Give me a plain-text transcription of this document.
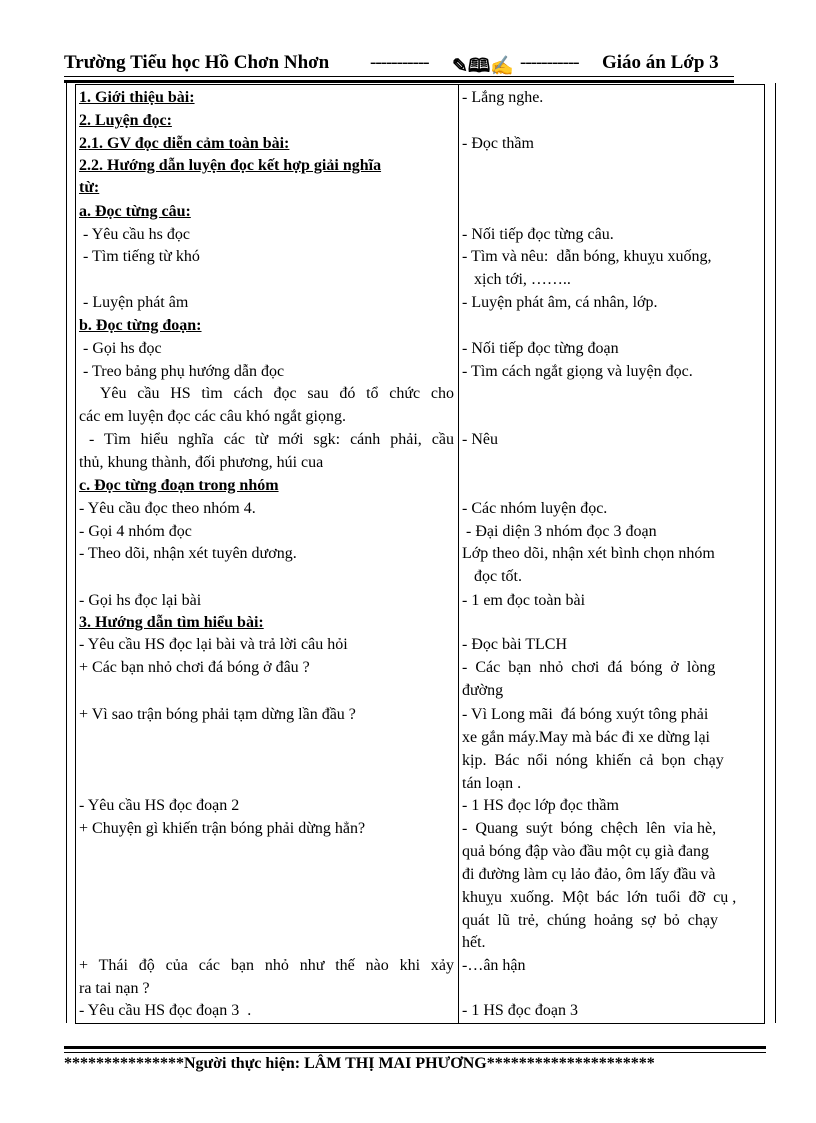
Trường Tiểu học Hồ Chơn Nhơn ----------- ✎🕮✍ ----------- Giáo án Lớp 3
1. Giới thiệu bài:
2. Luyện đọc:
2.1. GV đọc diễn cảm toàn bài:
2.2. Hướng dẫn luyện đọc kết hợp giải nghĩa
từ:
a. Đọc từng câu:
- Yêu cầu hs đọc
- Tìm tiếng từ khó
- Luyện phát âm
b. Đọc từng đoạn:
- Gọi hs đọc
- Treo bảng phụ hướng dẫn đọc
Yêu cầu HS tìm cách đọc sau đó tổ chức cho
các em luyện đọc các câu khó ngắt giọng.
- Tìm hiểu nghĩa các từ mới sgk: cánh phải, cầu
thủ, khung thành, đối phương, húi cua
c. Đọc từng đoạn trong nhóm
- Yêu cầu đọc theo nhóm 4.
- Gọi 4 nhóm đọc
- Theo dõi, nhận xét tuyên dương.
- Gọi hs đọc lại bài
3. Hướng dẫn tìm hiểu bài:
- Yêu cầu HS đọc lại bài và trả lời câu hỏi
+ Các bạn nhỏ chơi đá bóng ở đâu ?
+ Vì sao trận bóng phải tạm dừng lần đầu ?
- Yêu cầu HS đọc đoạn 2
+ Chuyện gì khiến trận bóng phải dừng hẳn?
+ Thái độ của các bạn nhỏ như thế nào khi xảy
ra tai nạn ?
- Yêu cầu HS đọc đoạn 3  .
- Lắng nghe.
- Đọc thầm
- Nối tiếp đọc từng câu.
- Tìm và nêu:  dẫn bóng, khuỵu xuống,
xịch tới, ……..
- Luyện phát âm, cá nhân, lớp.
- Nối tiếp đọc từng đoạn
- Tìm cách ngắt giọng và luyện đọc.
- Nêu
- Các nhóm luyện đọc.
- Đại diện 3 nhóm đọc 3 đoạn
Lớp theo dõi, nhận xét bình chọn nhóm
đọc tốt.
- 1 em đọc toàn bài
- Đọc bài TLCH
-  Các  bạn  nhỏ  chơi  đá  bóng  ở  lòng
đường
- Vì Long mãi  đá bóng xuýt tông phải
xe gắn máy.May mà bác đi xe dừng lại
kịp.  Bác  nổi  nóng  khiến  cả  bọn  chạy
tán loạn .
- 1 HS đọc lớp đọc thầm
-  Quang  suýt  bóng  chệch  lên  vỉa hè,
quả bóng đập vào đầu một cụ già đang
đi đường làm cụ lảo đảo, ôm lấy đầu và
khuỵu  xuống.  Một  bác  lớn  tuổi  đỡ  cụ ,
quát  lũ  trẻ,  chúng  hoảng  sợ  bỏ  chạy
hết.
-…ân hận
- 1 HS đọc đoạn 3
***************Người thực hiện: LÂM THỊ MAI PHƯƠNG*********************
